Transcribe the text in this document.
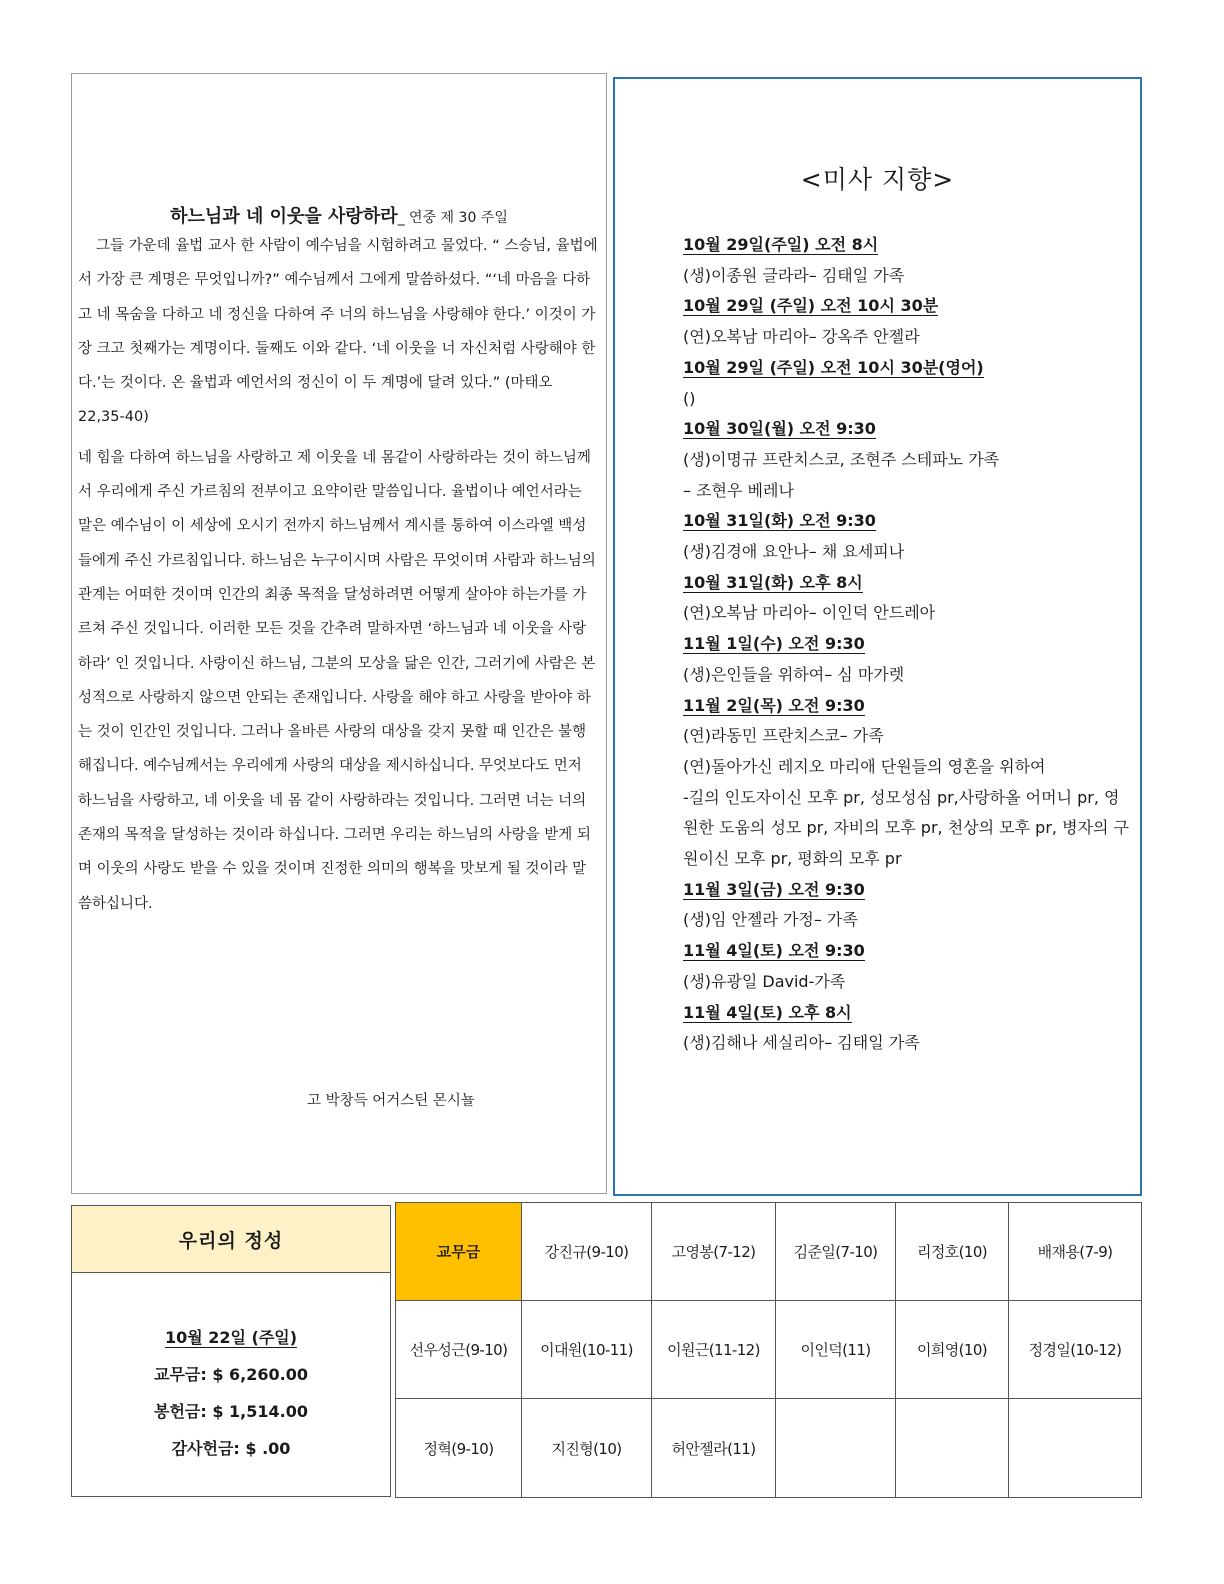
하느님과 네 이웃을 사랑하라_ 연중 제 30 주일

그들 가운데 율법 교사 한 사람이 예수님을 시험하려고 물었다. “ 스승님, 율법에서 가장 큰 계명은 무엇입니까?” 예수님께서 그에게 말씀하셨다. “‘네 마음을 다하고 네 목숨을 다하고 네 정신을 다하여 주 너의 하느님을 사랑해야 한다.’ 이것이 가장 크고 첫째가는 계명이다. 둘째도 이와 같다. ‘네 이웃을 너 자신처럼 사랑해야 한다.’는 것이다. 온 율법과 예언서의 정신이 이 두 계명에 달려 있다.” (마태오 22,35-40)

네 힘을 다하여 하느님을 사랑하고 제 이웃을 네 몸같이 사랑하라는 것이 하느님께서 우리에게 주신 가르침의 전부이고 요약이란 말씀입니다. 율법이나 예언서라는 말은 예수님이 이 세상에 오시기 전까지 하느님께서 계시를 통하여 이스라엘 백성들에게 주신 가르침입니다. 하느님은 누구이시며 사람은 무엇이며 사람과 하느님의 관계는 어떠한 것이며 인간의 최종 목적을 달성하려면 어떻게 살아야 하는가를 가르쳐 주신 것입니다. 이러한 모든 것을 간추려 말하자면 ‘하느님과 네 이웃을 사랑하라’ 인 것입니다. 사랑이신 하느님, 그분의 모상을 닮은 인간, 그러기에 사람은 본성적으로 사랑하지 않으면 안되는 존재입니다. 사랑을 해야 하고 사랑을 받아야 하는 것이 인간인 것입니다. 그러나 올바른 사랑의 대상을 갖지 못할 때 인간은 불행해집니다. 예수님께서는 우리에게 사랑의 대상을 제시하십니다. 무엇보다도 먼저 하느님을 사랑하고, 네 이웃을 네 몸 같이 사랑하라는 것입니다. 그러면 너는 너의 존재의 목적을 달성하는 것이라 하십니다. 그러면 우리는 하느님의 사랑을 받게 되며 이웃의 사랑도 받을 수 있을 것이며 진정한 의미의 행복을 맛보게 될 것이라 말씀하십니다.

고 박창득 어거스틴 몬시뇰
<미사 지향>
10월 29일(주일) 오전 8시
(생)이종원 글라라– 김태일 가족
10월 29일 (주일) 오전 10시 30분
(연)오복남 마리아– 강옥주 안젤라
10월 29일 (주일) 오전 10시 30분(영어)
()
10월 30일(월) 오전 9:30
(생)이명규 프란치스코, 조현주 스테파노 가족
– 조현우 베레나
10월 31일(화) 오전 9:30
(생)김경애 요안나– 채 요세피나
10월 31일(화) 오후 8시
(연)오복남 마리아– 이인덕 안드레아
11월 1일(수) 오전 9:30
(생)은인들을 위하여– 심 마가렛
11월 2일(목) 오전 9:30
(연)라동민 프란치스코– 가족
(연)돌아가신 레지오 마리애 단원들의 영혼을 위하여
-길의 인도자이신 모후 pr, 성모성심 pr,사랑하올 어머니 pr, 영원한 도움의 성모 pr, 자비의 모후 pr, 천상의 모후 pr, 병자의 구원이신 모후 pr, 평화의 모후 pr
11월 3일(금) 오전 9:30
(생)임 안젤라 가정– 가족
11월 4일(토) 오전 9:30
(생)유광일 David-가족
11월 4일(토) 오후 8시
(생)김해나 세실리아– 김태일 가족
우리의 정성
10월 22일 (주일)
교무금: $ 6,260.00
봉헌금: $ 1,514.00
감사헌금: $ .00
교무금	강진규(9-10)	고영봉(7-12)	김준일(7-10)	리정호(10)	배재용(7-9)
선우성근(9-10)	이대원(10-11)	이원근(11-12)	이인덕(11)	이희영(10)	정경일(10-12)
정혁(9-10)	지진형(10)	허안젤라(11)			
